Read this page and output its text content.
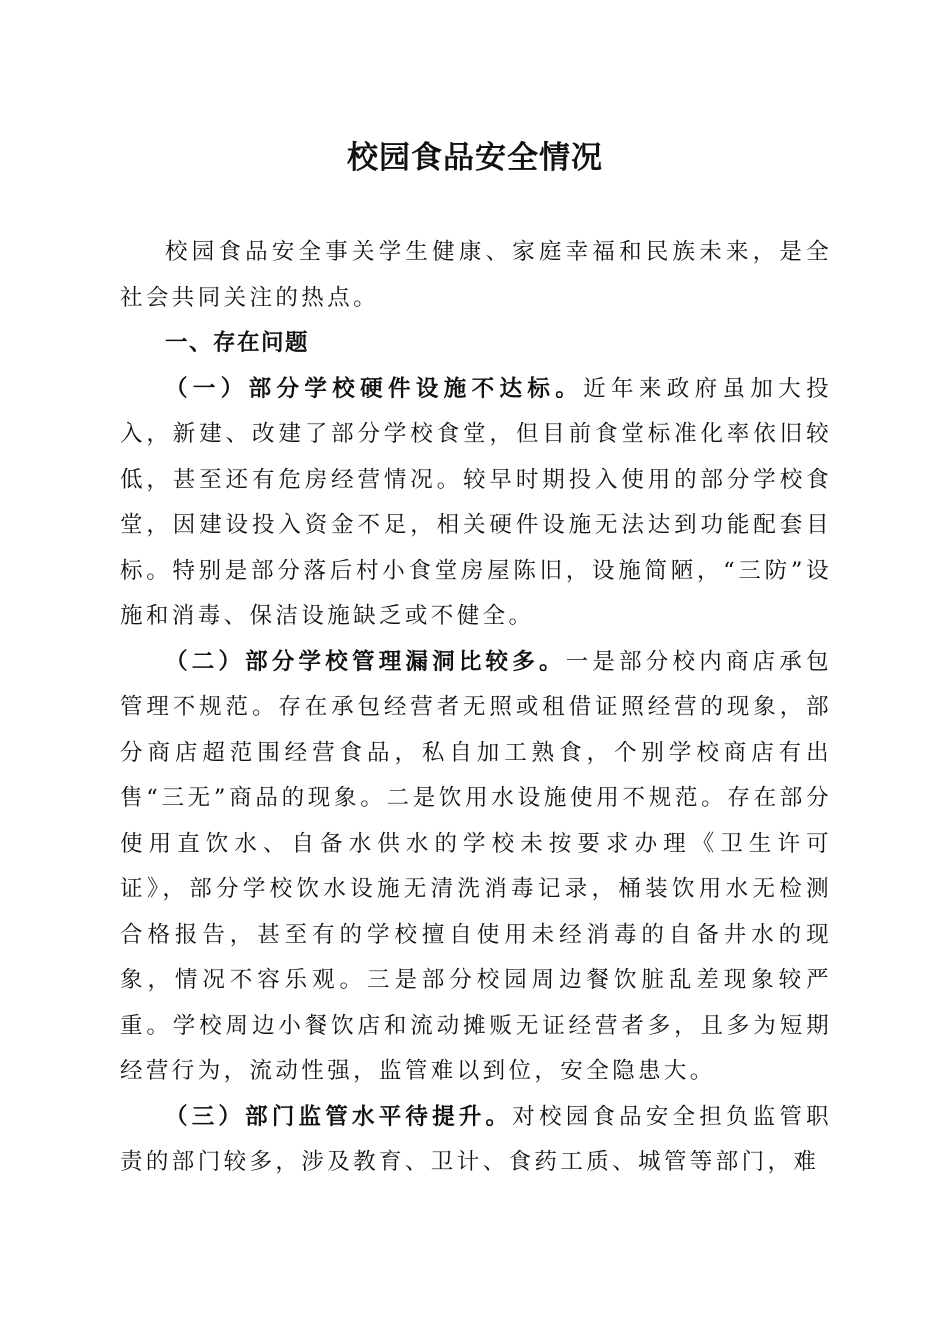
校园食品安全情况

校园食品安全事关学生健康、家庭幸福和民族未来，是全社会共同关注的热点。

一、存在问题

（一）部分学校硬件设施不达标。近年来政府虽加大投入，新建、改建了部分学校食堂，但目前食堂标准化率依旧较低，甚至还有危房经营情况。较早时期投入使用的部分学校食堂，因建设投入资金不足，相关硬件设施无法达到功能配套目标。特别是部分落后村小食堂房屋陈旧，设施简陋，“三防”设施和消毒、保洁设施缺乏或不健全。

（二）部分学校管理漏洞比较多。一是部分校内商店承包管理不规范。存在承包经营者无照或租借证照经营的现象，部分商店超范围经营食品，私自加工熟食，个别学校商店有出售“三无”商品的现象。二是饮用水设施使用不规范。存在部分使用直饮水、自备水供水的学校未按要求办理《卫生许可证》，部分学校饮水设施无清洗消毒记录，桶装饮用水无检测合格报告，甚至有的学校擅自使用未经消毒的自备井水的现象，情况不容乐观。三是部分校园周边餐饮脏乱差现象较严重。学校周边小餐饮店和流动摊贩无证经营者多，且多为短期经营行为，流动性强，监管难以到位，安全隐患大。

（三）部门监管水平待提升。对校园食品安全担负监管职责的部门较多，涉及教育、卫计、食药工质、城管等部门，难
